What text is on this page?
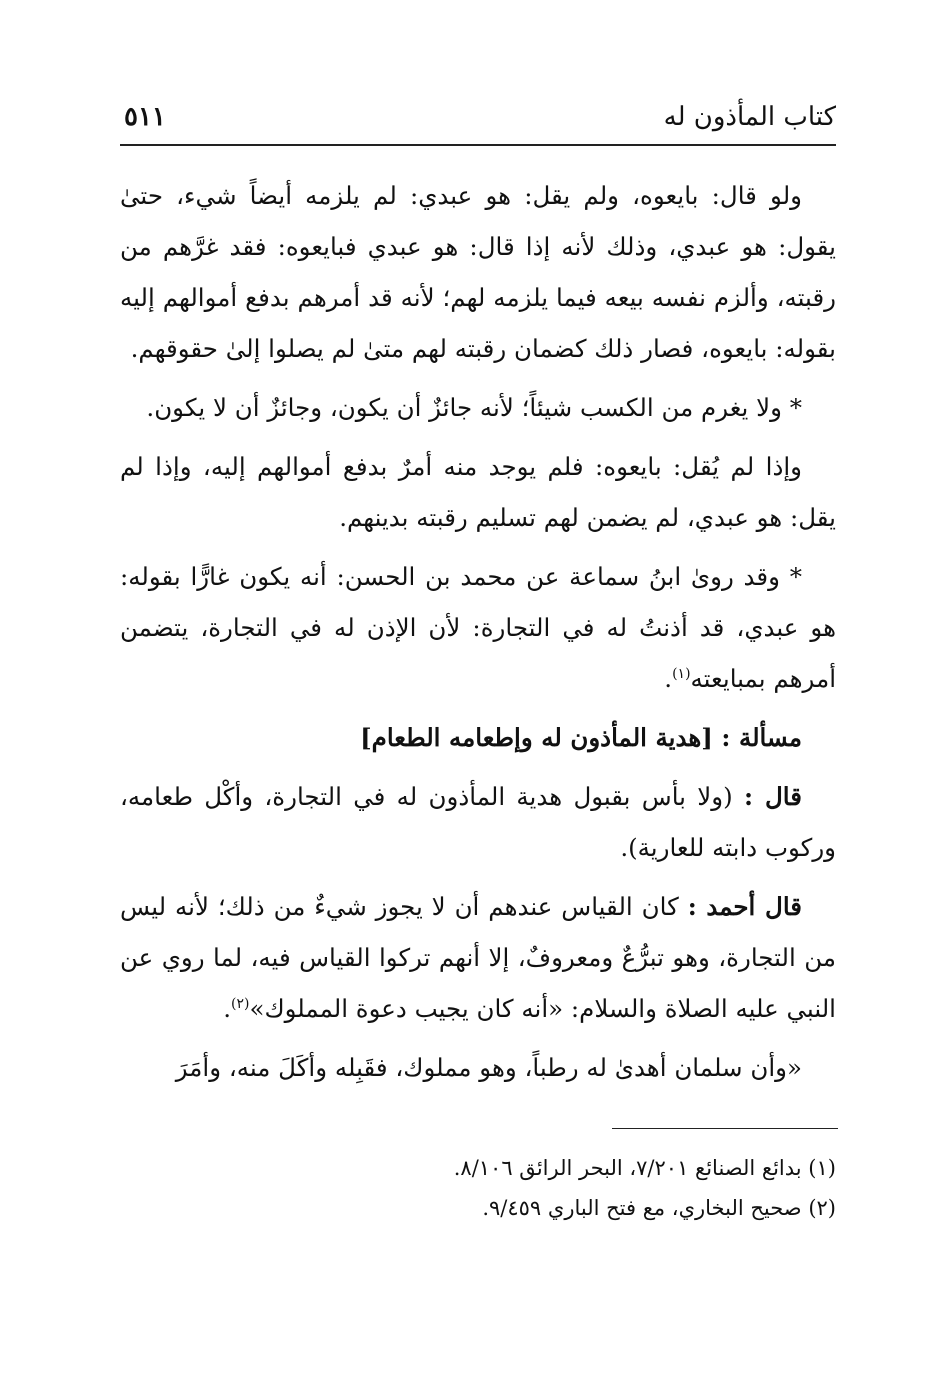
كتاب المأذون له
٥١١

ولو قال: بايعوه، ولم يقل: هو عبدي: لم يلزمه أيضاً شيء، حتىٰ يقول: هو عبدي، وذلك لأنه إذا قال: هو عبدي فبايعوه: فقد غرَّهم من رقبته، وألزم نفسه بيعه فيما يلزمه لهم؛ لأنه قد أمرهم بدفع أموالهم إليه بقوله: بايعوه، فصار ذلك كضمان رقبته لهم متىٰ لم يصلوا إلىٰ حقوقهم.

* ولا يغرم من الكسب شيئاً؛ لأنه جائزٌ أن يكون، وجائزٌ أن لا يكون.

وإذا لم يُقل: بايعوه: فلم يوجد منه أمرٌ بدفع أموالهم إليه، وإذا لم يقل: هو عبدي، لم يضمن لهم تسليم رقبته بدينهم.

* وقد روىٰ ابنُ سماعة عن محمد بن الحسن: أنه يكون غارًّا بقوله: هو عبدي، قد أذنتُ له في التجارة: لأن الإذن له في التجارة، يتضمن أمرهم بمبايعته$^{(١)}$.

مسألة : [هدية المأذون له وإطعامه الطعام]

قال : (ولا بأس بقبول هدية المأذون له في التجارة، وأكْل طعامه، وركوب دابته للعارية).

قال أحمد : كان القياس عندهم أن لا يجوز شيءٌ من ذلك؛ لأنه ليس من التجارة، وهو تبرُّعٌ ومعروفٌ، إلا أنهم تركوا القياس فيه، لما روي عن النبي عليه الصلاة والسلام: «أنه كان يجيب دعوة المملوك»$^{(٢)}$.

«وأن سلمان أهدىٰ له رطباً، وهو مملوك، فقَبِله وأكَلَ منه، وأمَرَ

(١) بدائع الصنائع ٧/٢٠١، البحر الرائق ٨/١٠٦.
(٢) صحيح البخاري، مع فتح الباري ٩/٤٥٩.
